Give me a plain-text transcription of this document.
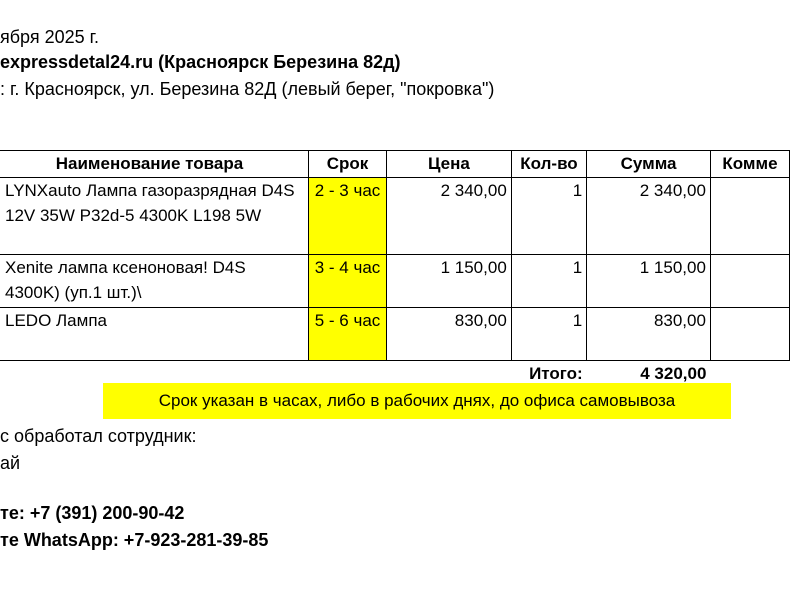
ября 2025 г.
expressdetal24.ru (Красноярск Березина 82д)
: г. Красноярск, ул. Березина 82Д (левый берег, "покровка")
Наименование товара	Срок	Цена	Кол-во	Сумма	Комме
LYNXauto Лампа газоразрядная D4S 12V 35W P32d-5 4300K L198 5W	2 - 3 час	2 340,00	1	2 340,00	
Xenite лампа ксеноновая! D4S 4300K) (уп.1 шт.)\	3 - 4 час	1 150,00	1	1 150,00	
LEDO Лампа	5 - 6 час	830,00	1	830,00	
			Итого:	4 320,00	
Срок указан в часах, либо в рабочих днях, до офиса самовывоза
с обработал сотрудник:
ай
те: +7 (391) 200-90-42
те WhatsApp: +7-923-281-39-85
